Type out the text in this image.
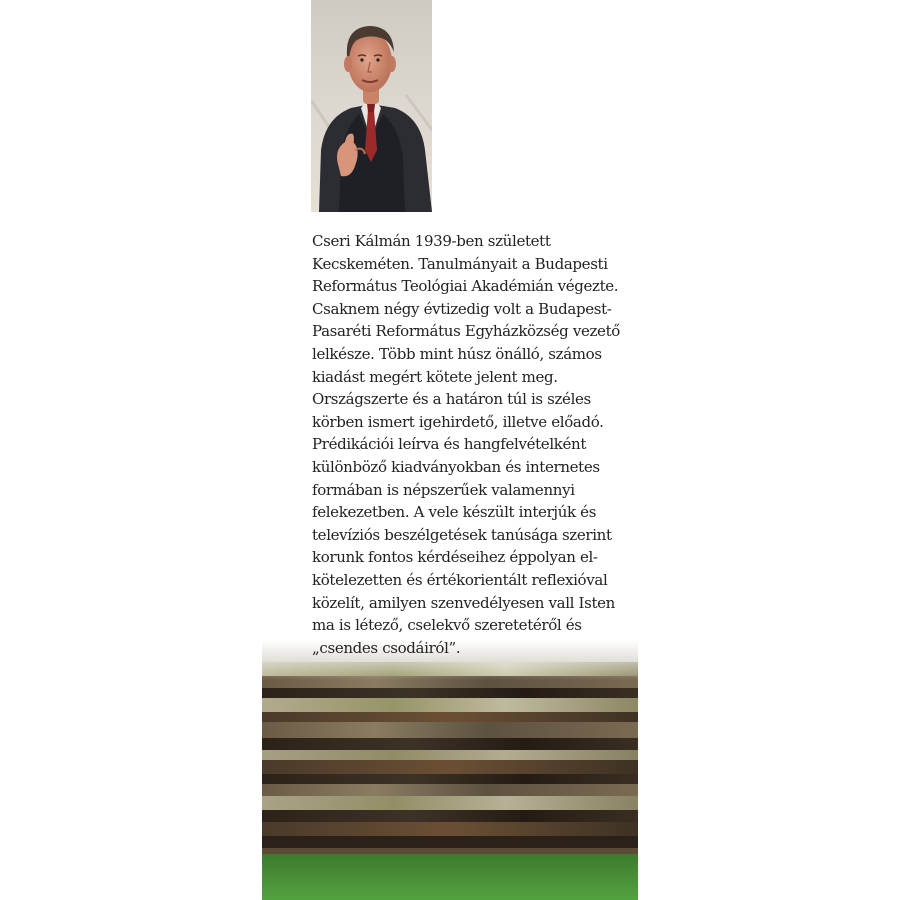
Cseri Kálmán 1939-ben született
Kecskeméten. Tanulmányait a Budapesti
Református Teológiai Akadémián végezte.
Csaknem négy évtizedig volt a Budapest-
Pasaréti Református Egyházközség vezető
lelkésze. Több mint húsz önálló, számos
kiadást megért kötete jelent meg.
Országszerte és a határon túl is széles
körben ismert igehirdető, illetve előadó.
Prédikációi leírva és hangfelvételként
különböző kiadványokban és internetes
formában is népszerűek valamennyi
felekezetben. A vele készült interjúk és
televíziós beszélgetések tanúsága szerint
korunk fontos kérdéseihez éppolyan el-
kötelezetten és értékorientált reflexióval
közelít, amilyen szenvedélyesen vall Isten
ma is létező, cselekvő szeretetéről és
„csendes csodáiról”.
